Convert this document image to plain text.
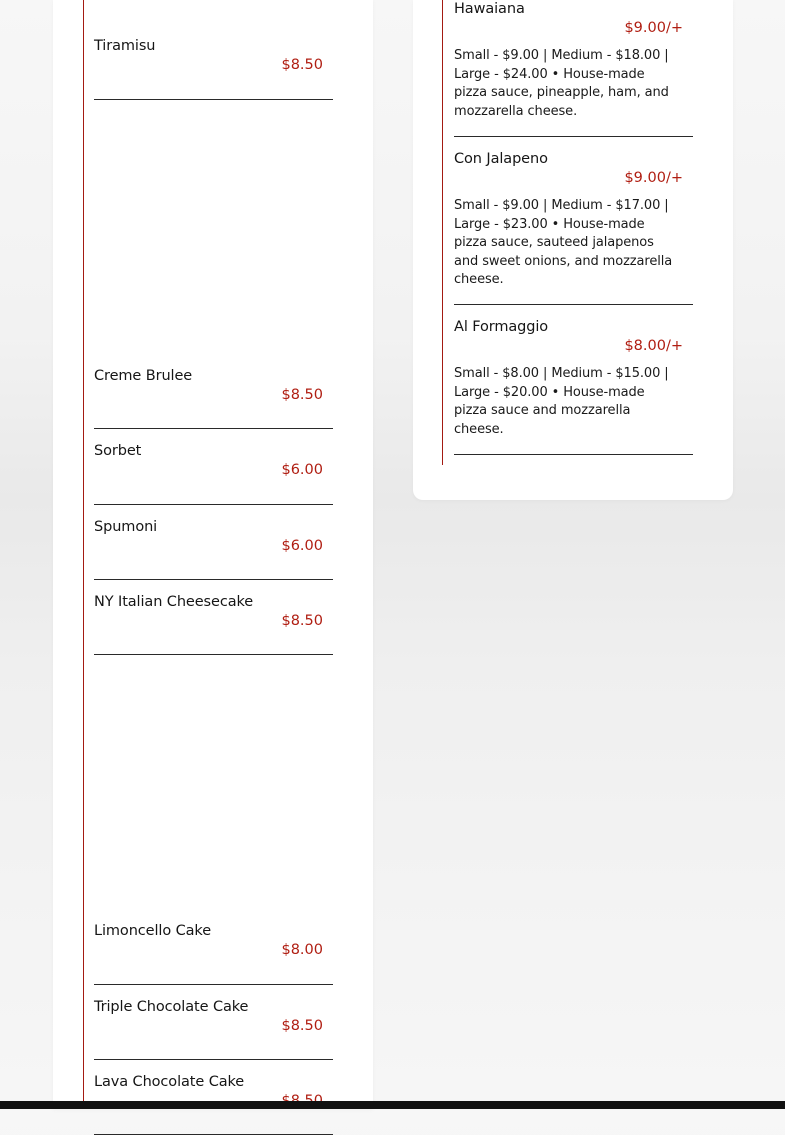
Tiramisu
$8.50
Creme Brulee
$8.50
Sorbet
$6.00
Spumoni
$6.00
NY Italian Cheesecake
$8.50
Limoncello Cake
$8.00
Triple Chocolate Cake
$8.50
Lava Chocolate Cake
Hawaiana
$9.00/+
Small - $9.00 | Medium - $18.00 | Large - $24.00 • House-made pizza sauce, pineapple, ham, and mozzarella cheese.
Con Jalapeno
$9.00/+
Small - $9.00 | Medium - $17.00 | Large - $23.00 • House-made pizza sauce, sauteed jalapenos and sweet onions, and mozzarella cheese.
Al Formaggio
$8.00/+
Small - $8.00 | Medium - $15.00 | Large - $20.00 • House-made pizza sauce and mozzarella cheese.
